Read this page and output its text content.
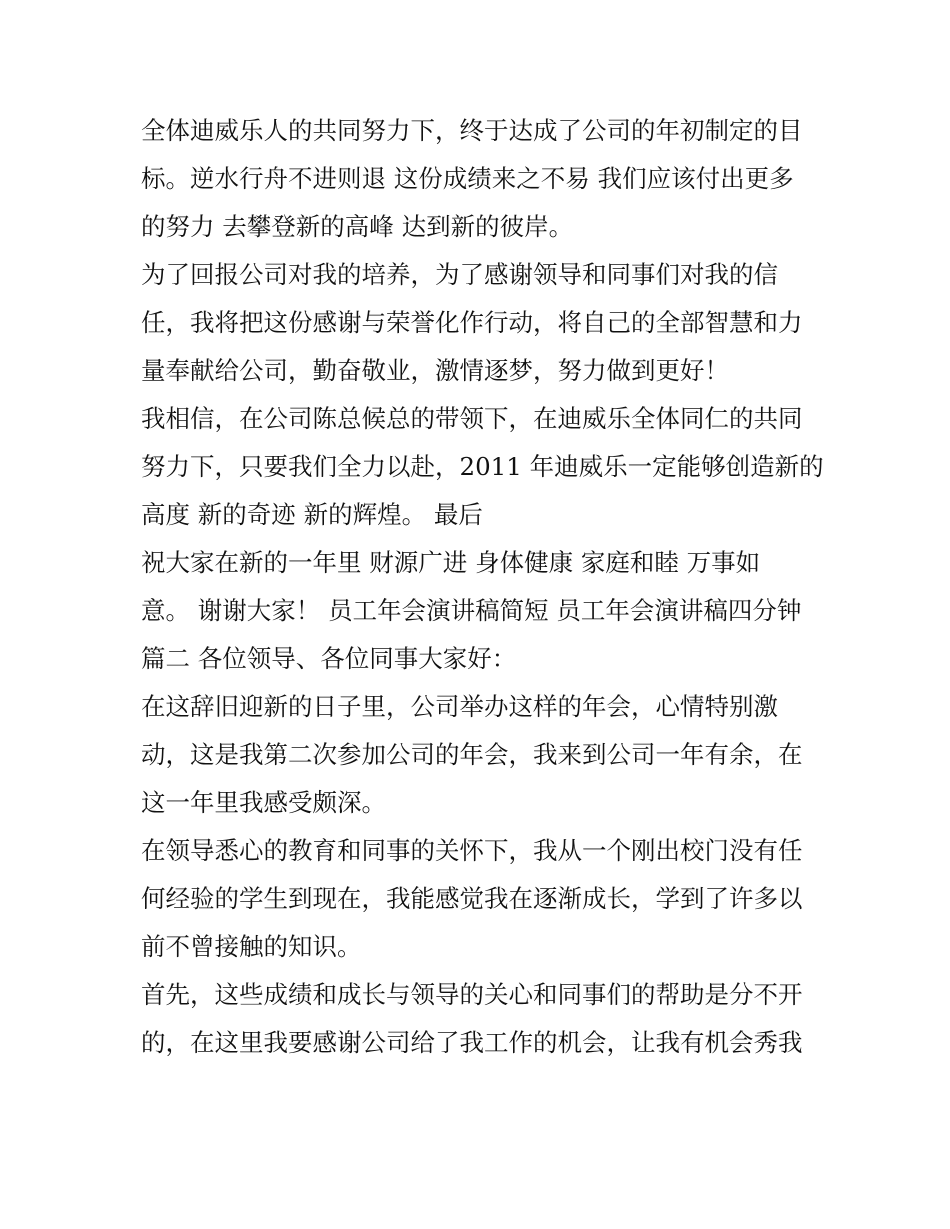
全体迪威乐人的共同努力下，终于达成了公司的年初制定的目
标。逆水行舟不进则退 这份成绩来之不易 我们应该付出更多
的努力 去攀登新的高峰 达到新的彼岸。
为了回报公司对我的培养，为了感谢领导和同事们对我的信
任，我将把这份感谢与荣誉化作行动，将自己的全部智慧和力
量奉献给公司，勤奋敬业，激情逐梦，努力做到更好！
我相信，在公司陈总候总的带领下，在迪威乐全体同仁的共同
努力下，只要我们全力以赴，2011 年迪威乐一定能够创造新的
高度 新的奇迹 新的辉煌。 最后
祝大家在新的一年里 财源广进 身体健康 家庭和睦 万事如
意。 谢谢大家！ 员工年会演讲稿简短 员工年会演讲稿四分钟
篇二 各位领导、各位同事大家好：
在这辞旧迎新的日子里，公司举办这样的年会，心情特别激
动，这是我第二次参加公司的年会，我来到公司一年有余，在
这一年里我感受颇深。
在领导悉心的教育和同事的关怀下，我从一个刚出校门没有任
何经验的学生到现在，我能感觉我在逐渐成长，学到了许多以
前不曾接触的知识。
首先，这些成绩和成长与领导的关心和同事们的帮助是分不开
的，在这里我要感谢公司给了我工作的机会，让我有机会秀我
